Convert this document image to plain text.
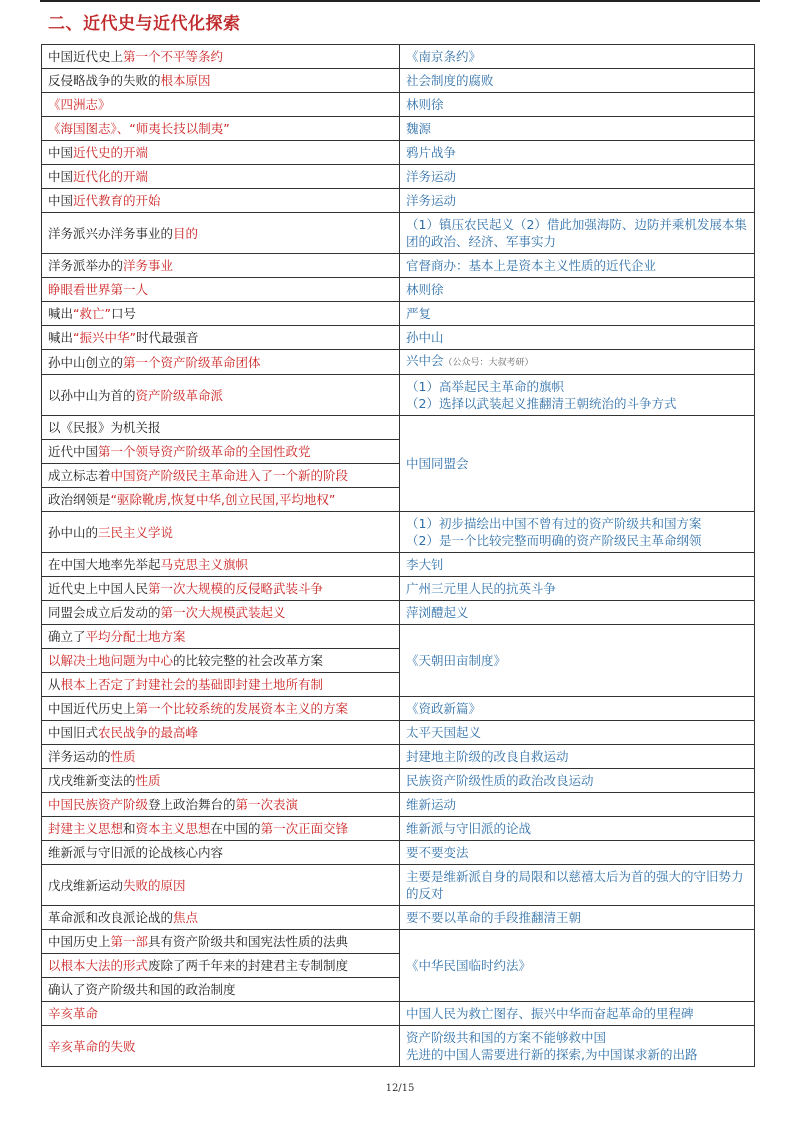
二、近代史与近代化探索
中国近代史上第一个不平等条约	《南京条约》
反侵略战争的失败的根本原因	社会制度的腐败
《四洲志》	林则徐
《海国图志》、“师夷长技以制夷”	魏源
中国近代史的开端	鸦片战争
中国近代化的开端	洋务运动
中国近代教育的开始	洋务运动
洋务派兴办洋务事业的目的	（1）镇压农民起义（2）借此加强海防、边防并乘机发展本集团的政治、经济、军事实力
洋务派举办的洋务事业	官督商办：基本上是资本主义性质的近代企业
睁眼看世界第一人	林则徐
喊出“救亡”口号	严复
喊出“振兴中华”时代最强音	孙中山
孙中山创立的第一个资产阶级革命团体	兴中会（公众号：大叔考研）
以孙中山为首的资产阶级革命派	（1）高举起民主革命的旗帜
（2）选择以武装起义推翻清王朝统治的斗争方式

以《民报》为机关报	中国同盟会
近代中国第一个领导资产阶级革命的全国性政党	
成立标志着中国资产阶级民主革命进入了一个新的阶段	
政治纲领是“驱除靴虏,恢复中华,创立民国,平均地权”	
孙中山的三民主义学说	（1）初步描绘出中国不曾有过的资产阶级共和国方案
（2）是一个比较完整而明确的资产阶级民主革命纲领

在中国大地率先举起马克思主义旗帜	李大钊
近代史上中国人民第一次大规模的反侵略武装斗争	广州三元里人民的抗英斗争
同盟会成立后发动的第一次大规模武装起义	萍浏醴起义
确立了平均分配土地方案	《天朝田亩制度》
以解决土地问题为中心的比较完整的社会改革方案	
从根本上否定了封建社会的基础即封建土地所有制	
中国近代历史上第一个比较系统的发展资本主义的方案	《资政新篇》
中国旧式农民战争的最高峰	太平天国起义
洋务运动的性质	封建地主阶级的改良自救运动
戊戌维新变法的性质	民族资产阶级性质的政治改良运动
中国民族资产阶级登上政治舞台的第一次表演	维新运动
封建主义思想和资本主义思想在中国的第一次正面交锋	维新派与守旧派的论战
维新派与守旧派的论战核心内容	要不要变法
戊戌维新运动失败的原因	主要是维新派自身的局限和以慈禧太后为首的强大的守旧势力的反对
革命派和改良派论战的焦点	要不要以革命的手段推翻清王朝
中国历史上第一部具有资产阶级共和国宪法性质的法典	《中华民国临时约法》
以根本大法的形式废除了两千年来的封建君主专制制度	
确认了资产阶级共和国的政治制度	
辛亥革命	中国人民为救亡图存、振兴中华而奋起革命的里程碑
辛亥革命的失败	资产阶级共和国的方案不能够救中国
先进的中国人需要进行新的探索,为中国谋求新的出路
12/15
